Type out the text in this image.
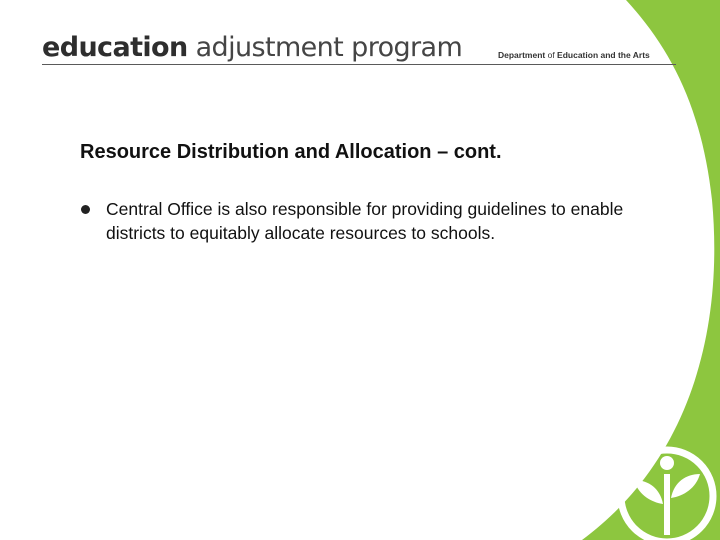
education adjustment program	Department of Education and the Arts
Resource Distribution and Allocation – cont.
Central Office is also responsible for providing guidelines to enable districts to equitably allocate resources to schools.
